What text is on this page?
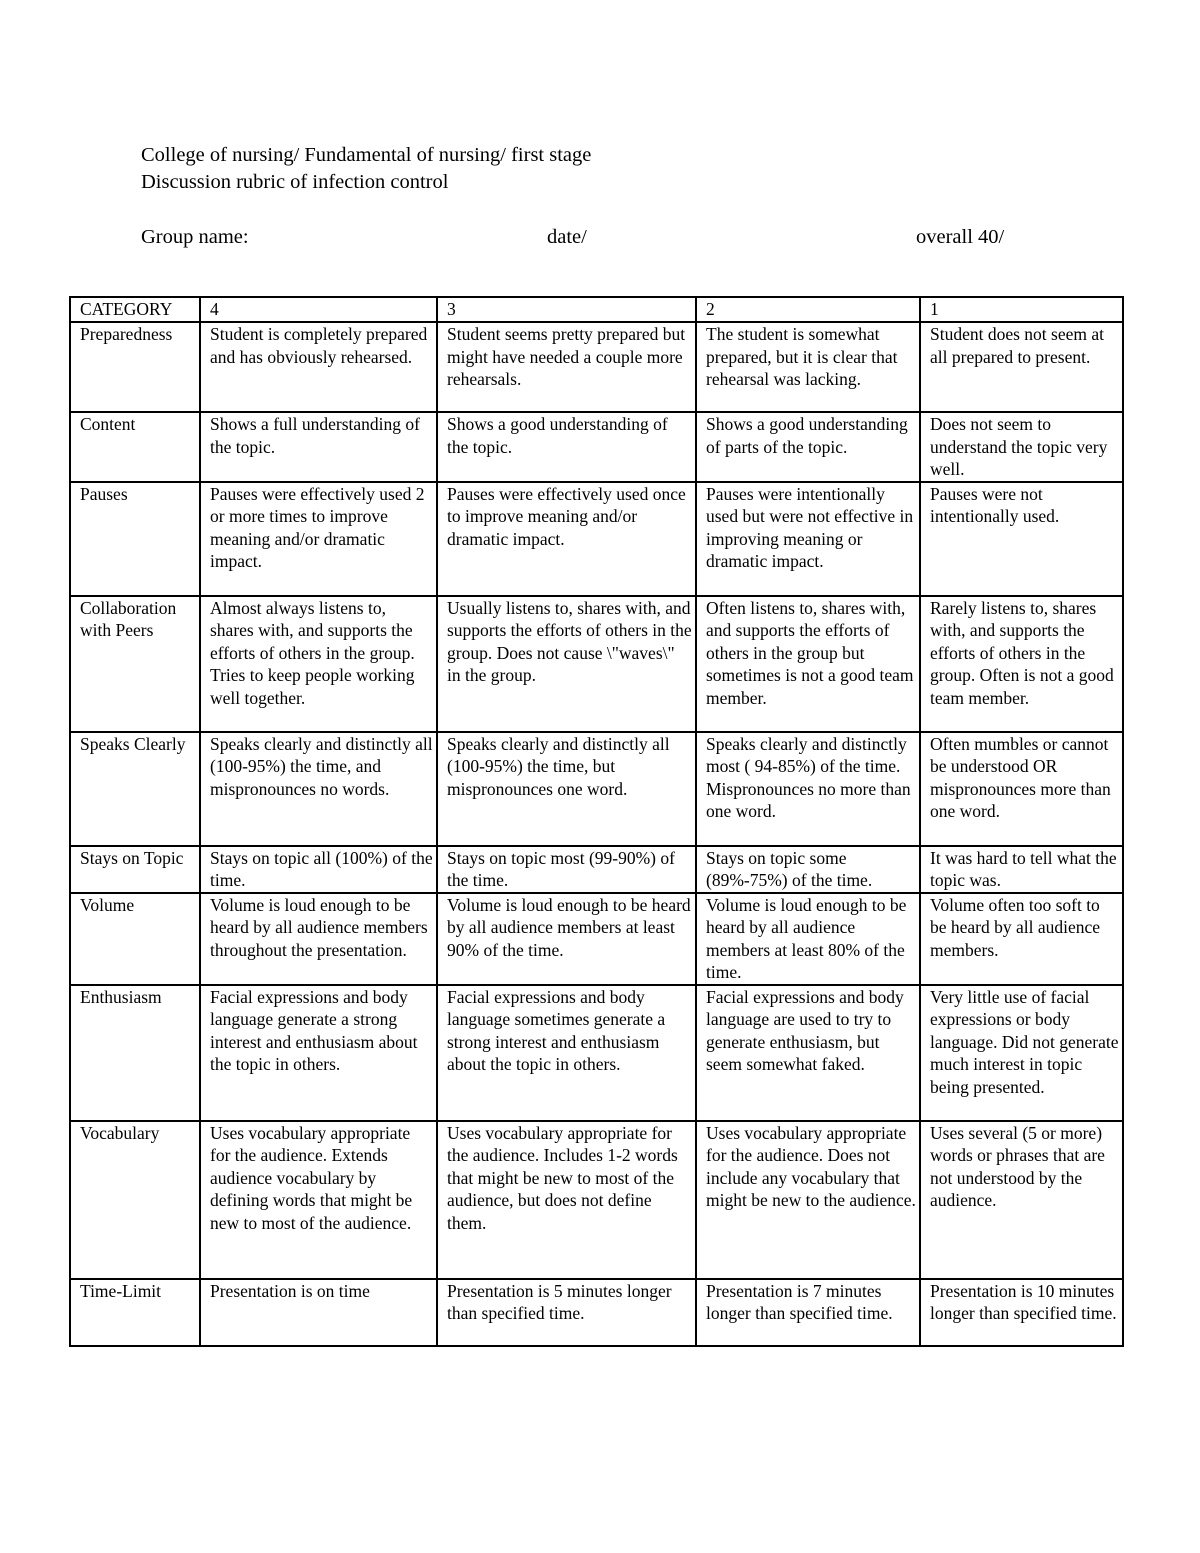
College of nursing/ Fundamental of nursing/ first stage
Discussion rubric of infection control
Group name:	date/	overall 40/
CATEGORY	4	3	2	1
Preparedness	Student is completely prepared and has obviously rehearsed.	Student seems pretty prepared but might have needed a couple more rehearsals.	The student is somewhat prepared, but it is clear that rehearsal was lacking.	Student does not seem at all prepared to present.
Content	Shows a full understanding of the topic.	Shows a good understanding of the topic.	Shows a good understanding of parts of the topic.	Does not seem to understand the topic very well.
Pauses	Pauses were effectively used 2 or more times to improve meaning and/or dramatic impact.	Pauses were effectively used once to improve meaning and/or dramatic impact.	Pauses were intentionally used but were not effective in improving meaning or dramatic impact.	Pauses were not intentionally used.
Collaboration with Peers	Almost always listens to, shares with, and supports the efforts of others in the group. Tries to keep people working well together.	Usually listens to, shares with, and supports the efforts of others in the group. Does not cause \"waves\" in the group.	Often listens to, shares with, and supports the efforts of others in the group but sometimes is not a good team member.	Rarely listens to, shares with, and supports the efforts of others in the group. Often is not a good team member.
Speaks Clearly	Speaks clearly and distinctly all (100-95%) the time, and mispronounces no words.	Speaks clearly and distinctly all (100-95%) the time, but mispronounces one word.	Speaks clearly and distinctly most ( 94-85%) of the time. Mispronounces no more than one word.	Often mumbles or cannot be understood OR mispronounces more than one word.
Stays on Topic	Stays on topic all (100%) of the time.	Stays on topic most (99-90%) of the time.	Stays on topic some (89%-75%) of the time.	It was hard to tell what the topic was.
Volume	Volume is loud enough to be heard by all audience members throughout the presentation.	Volume is loud enough to be heard by all audience members at least 90% of the time.	Volume is loud enough to be heard by all audience members at least 80% of the time.	Volume often too soft to be heard by all audience members.
Enthusiasm	Facial expressions and body language generate a strong interest and enthusiasm about the topic in others.	Facial expressions and body language sometimes generate a strong interest and enthusiasm about the topic in others.	Facial expressions and body language are used to try to generate enthusiasm, but seem somewhat faked.	Very little use of facial expressions or body language. Did not generate much interest in topic being presented.
Vocabulary	Uses vocabulary appropriate for the audience. Extends audience vocabulary by defining words that might be new to most of the audience.	Uses vocabulary appropriate for the audience. Includes 1-2 words that might be new to most of the audience, but does not define them.	Uses vocabulary appropriate for the audience. Does not include any vocabulary that might be new to the audience.	Uses several (5 or more) words or phrases that are not understood by the audience.
Time-Limit	Presentation is on time	Presentation is 5 minutes longer than specified time.	Presentation is 7 minutes longer than specified time.	Presentation is 10 minutes longer than specified time.
